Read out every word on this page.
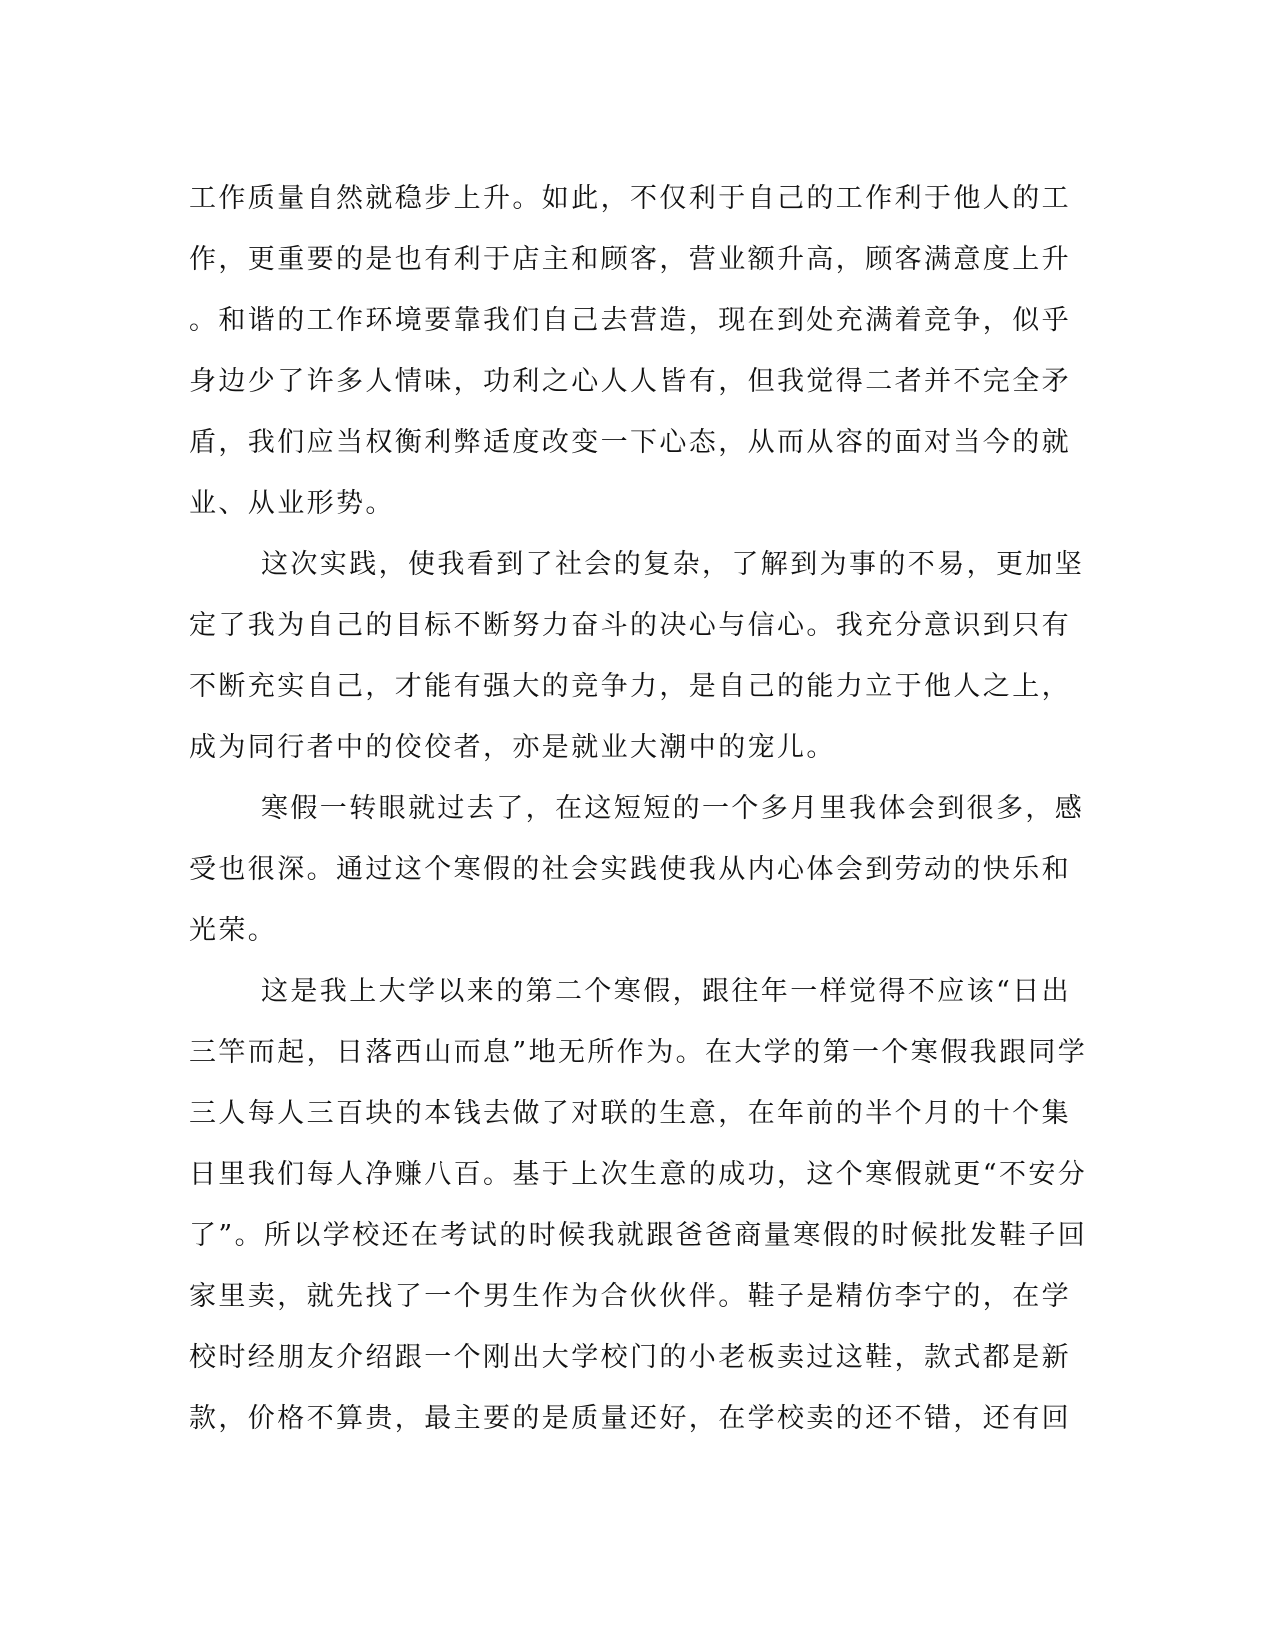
工作质量自然就稳步上升。如此，不仅利于自己的工作利于他人的工
作，更重要的是也有利于店主和顾客，营业额升高，顾客满意度上升
。和谐的工作环境要靠我们自己去营造，现在到处充满着竞争，似乎
身边少了许多人情味，功利之心人人皆有，但我觉得二者并不完全矛
盾，我们应当权衡利弊适度改变一下心态，从而从容的面对当今的就
业、从业形势。
这次实践，使我看到了社会的复杂，了解到为事的不易，更加坚
定了我为自己的目标不断努力奋斗的决心与信心。我充分意识到只有
不断充实自己，才能有强大的竞争力，是自己的能力立于他人之上，
成为同行者中的佼佼者，亦是就业大潮中的宠儿。
寒假一转眼就过去了，在这短短的一个多月里我体会到很多，感
受也很深。通过这个寒假的社会实践使我从内心体会到劳动的快乐和
光荣。
这是我上大学以来的第二个寒假，跟往年一样觉得不应该“日出
三竿而起，日落西山而息”地无所作为。在大学的第一个寒假我跟同学
三人每人三百块的本钱去做了对联的生意，在年前的半个月的十个集
日里我们每人净赚八百。基于上次生意的成功，这个寒假就更“不安分
了”。所以学校还在考试的时候我就跟爸爸商量寒假的时候批发鞋子回
家里卖，就先找了一个男生作为合伙伙伴。鞋子是精仿李宁的，在学
校时经朋友介绍跟一个刚出大学校门的小老板卖过这鞋，款式都是新
款，价格不算贵，最主要的是质量还好，在学校卖的还不错，还有回
